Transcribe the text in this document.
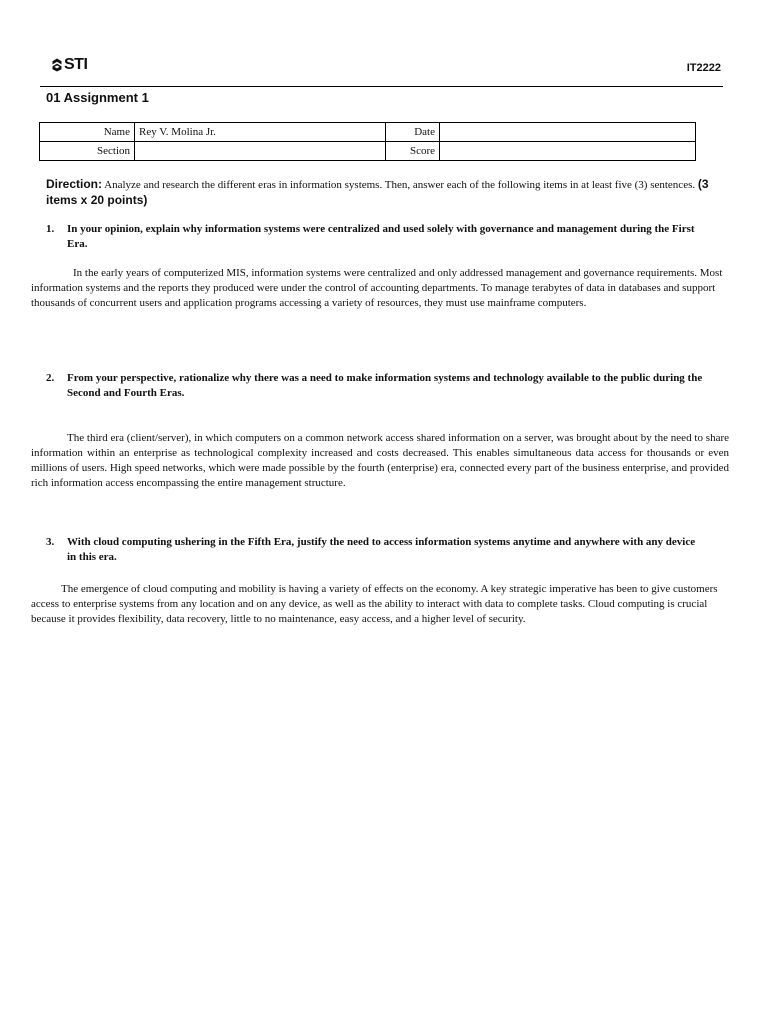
STI	IT2222
01 Assignment 1
Name	Rey V. Molina Jr.	Date	
Section		Score	
Direction: Analyze and research the different eras in information systems. Then, answer each of the following items in at least five (3) sentences. (3 items x 20 points)
1. In your opinion, explain why information systems were centralized and used solely with governance and management during the First Era.

In the early years of computerized MIS, information systems were centralized and only addressed management and governance requirements. Most information systems and the reports they produced were under the control of accounting departments. To manage terabytes of data in databases and support thousands of concurrent users and application programs accessing a variety of resources, they must use mainframe computers.

2. From your perspective, rationalize why there was a need to make information systems and technology available to the public during the Second and Fourth Eras.

The third era (client/server), in which computers on a common network access shared information on a server, was brought about by the need to share information within an enterprise as technological complexity increased and costs decreased. This enables simultaneous data access for thousands or even millions of users. High speed networks, which were made possible by the fourth (enterprise) era, connected every part of the business enterprise, and provided rich information access encompassing the entire management structure.

3. With cloud computing ushering in the Fifth Era, justify the need to access information systems anytime and anywhere with any device in this era.

The emergence of cloud computing and mobility is having a variety of effects on the economy. A key strategic imperative has been to give customers access to enterprise systems from any location and on any device, as well as the ability to interact with data to complete tasks. Cloud computing is crucial because it provides flexibility, data recovery, little to no maintenance, easy access, and a higher level of security.
